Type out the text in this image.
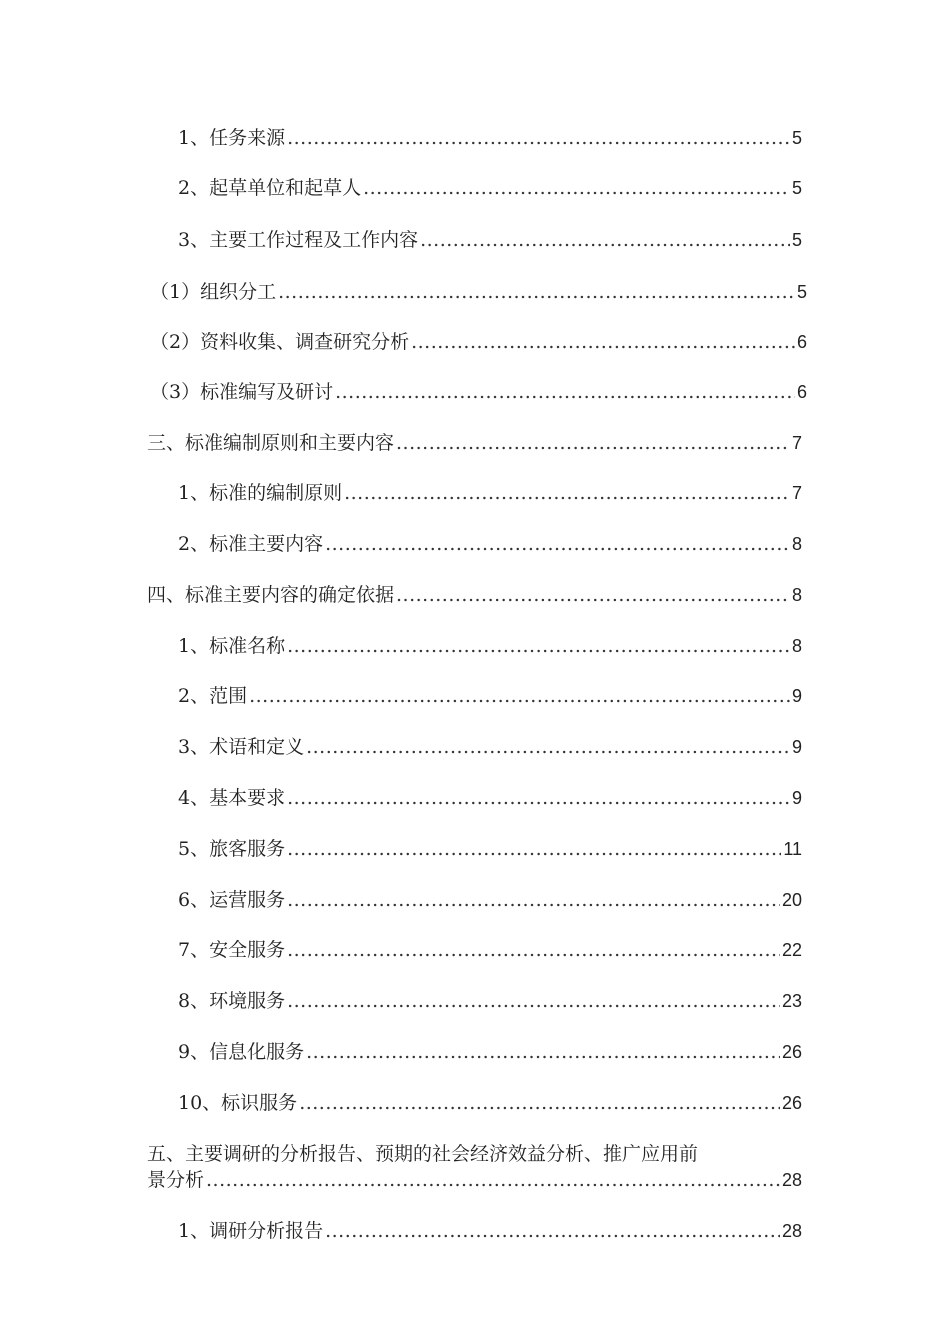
1、任务来源 .....	5
2、起草单位和起草人 .....	5
3、主要工作过程及工作内容 .....	5
（1）组织分工 .....	5
（2）资料收集、调查研究分析 .....	6
（3）标准编写及研讨 .....	6
三、标准编制原则和主要内容 .....	7
1、标准的编制原则 .....	7
2、标准主要内容 .....	8
四、标准主要内容的确定依据 .....	8
1、标准名称 .....	8
2、范围 .....	9
3、术语和定义 .....	9
4、基本要求 .....	9
5、旅客服务 .....	11
6、运营服务 .....	20
7、安全服务 .....	22
8、环境服务 .....	23
9、信息化服务 .....	26
10、标识服务 .....	26
五、主要调研的分析报告、预期的社会经济效益分析、推广应用前
景分析 .....	28
1、调研分析报告 .....	28
